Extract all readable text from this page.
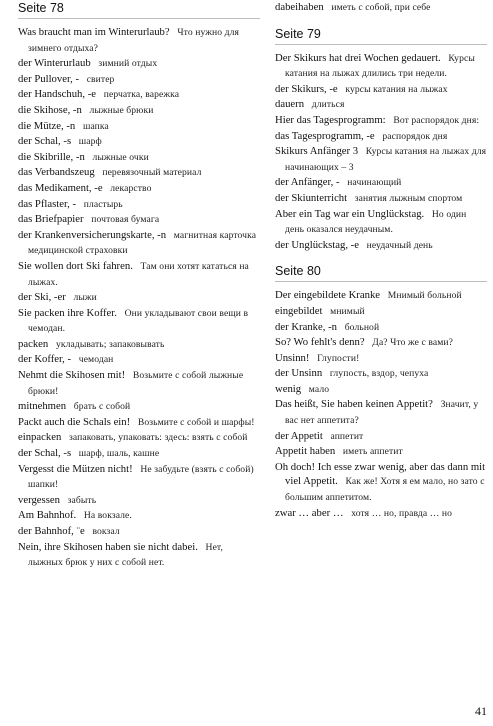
Seite 78
Was braucht man im Winterurlaub? Что нужно для зимнего отдыха?
der Winterurlaub зимний отдых
der Pullover, - свитер
der Handschuh, -e перчатка, варежка
die Skihose, -n лыжные брюки
die Mütze, -n шапка
der Schal, -s шарф
die Skibrille, -n лыжные очки
das Verbandszeug перевязочный материал
das Medikament, -e лекарство
das Pflaster, - пластырь
das Briefpapier почтовая бумага
der Krankenversicherungskarte, -n магнитная карточка медицинской страховки
Sie wollen dort Ski fahren. Там они хотят кататься на лыжах.
der Ski, -er лыжи
Sie packen ihre Koffer. Они укладывают свои вещи в чемодан.
packen укладывать; запаковывать
der Koffer, - чемодан
Nehmt die Skihosen mit! Возьмите с собой лыжные брюки!
mitnehmen брать с собой
Packt auch die Schals ein! Возьмите с собой и шарфы!
einpacken запаковать, упаковать: здесь: взять с собой
der Schal, -s шарф, шаль, кашне
Vergesst die Mützen nicht! Не забудьте (взять с собой) шапки!
vergessen забыть
Am Bahnhof. На вокзале.
der Bahnhof, ¨e вокзал
Nein, ihre Skihosen haben sie nicht dabei. Нет, лыжных брюк у них с собой нет.
dabeihaben иметь с собой, при себе
Seite 79
Der Skikurs hat drei Wochen gedauert. Курсы катания на лыжах длились три недели.
der Skikurs, -e курсы катания на лыжах
dauern длиться
Hier das Tagesprogramm: Вот распорядок дня:
das Tagesprogramm, -e распорядок дня
Skikurs Anfänger 3 Курсы катания на лыжах для начинающих – 3
der Anfänger, - начинающий
der Skiunterricht занятия лыжным спортом
Aber ein Tag war ein Unglückstag. Но один день оказался неудачным.
der Unglückstag, -e неудачный день
Seite 80
Der eingebildete Kranke Мнимый больной
eingebildet мнимый
der Kranke, -n больной
So? Wo fehlt's denn? Да? Что же с вами?
Unsinn! Глупости!
der Unsinn глупость, вздор, чепуха
wenig мало
Das heißt, Sie haben keinen Appetit? Значит, у вас нет аппетита?
der Appetit аппетит
Appetit haben иметь аппетит
Oh doch! Ich esse zwar wenig, aber das dann mit viel Appetit. Как же! Хотя я ем мало, но зато с большим аппетитом.
zwar … aber … хотя … но, правда … но
41
